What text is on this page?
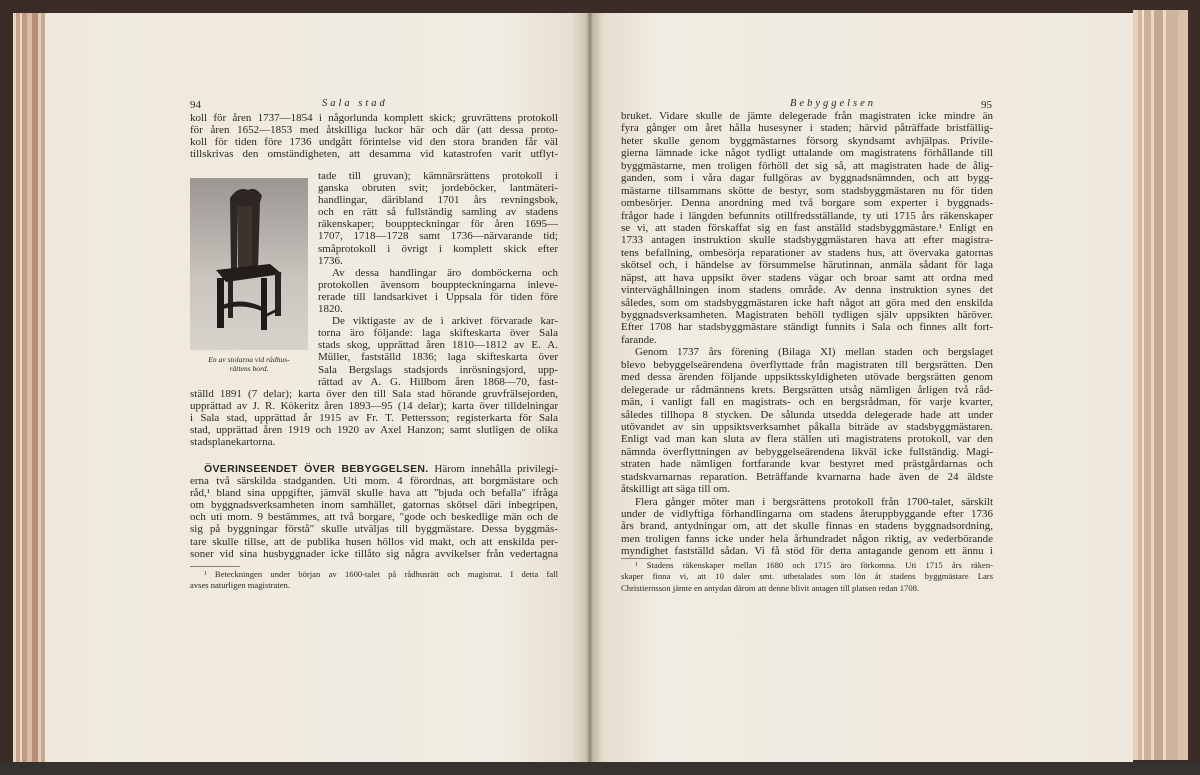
94	Sala stad
koll för åren 1737—1854 i någorlunda komplett skick; gruvrättens protokoll
för åren 1652—1853 med åtskilliga luckor här och där (att dessa proto-
koll för tiden före 1736 undgått förintelse vid den stora branden får väl
tillskrivas den omständigheten, att desamma vid katastrofen varit utflyt-
tade till gruvan); kämnärsrättens protokoll i
ganska obruten svit; jordeböcker, lantmäteri-
handlingar, däribland 1701 års revningsbok,
och en rätt så fullständig samling av stadens
räkenskaper; bouppteckningar för åren 1695—
1707, 1718—1728 samt 1736—närvarande tid;
småprotokoll i övrigt i komplett skick efter
1736.
Av dessa handlingar äro domböckerna och
protokollen ävensom bouppteckningarna inleve-
rerade till landsarkivet i Uppsala för tiden före
1820.
De viktigaste av de i arkivet förvarade kar-
torna äro följande: laga skifteskarta över Sala
stads skog, upprättad åren 1810—1812 av E. A.
Müller, fastställd 1836; laga skifteskarta över
Sala Bergslags stadsjords inrösningsjord, upp-
rättad av A. G. Hillbom åren 1868—70, fast-
ställd 1891 (7 delar); karta över den till Sala stad hörande gruvfrälsejorden,
upprättad av J. R. Kökeritz åren 1893—95 (14 delar); karta över tilldelningar
i Sala stad, upprättad år 1915 av Fr. T. Pettersson; registerkarta för Sala
stad, upprättad åren 1919 och 1920 av Axel Hanzon; samt slutligen de olika
stadsplanekartorna.
En av stolarna vid rådhus-
rättens bord.
ÖVERINSEENDET ÖVER BEBYGGELSEN. Härom innehålla privilegi-
erna två särskilda stadganden. Uti mom. 4 förordnas, att borgmästare och
råd,¹ bland sina uppgifter, jämväl skulle hava att "bjuda och befalla" ifråga
om byggnadsverksamheten inom samhället, gatornas skötsel däri inbegripen,
och uti mom. 9 bestämmes, att två borgare, "gode och beskedlige män och de
sig på byggningar förstå" skulle utväljas till byggmästare. Dessa byggmäs-
tare skulle tillse, att de publika husen höllos vid makt, och att enskilda per-
soner vid sina husbyggnader icke tillåto sig några avvikelser från vedertagna
¹ Beteckningen under början av 1600-talet på rådhusrätt och magistrat. I detta fall
avses naturligen magistraten.
Bebyggelsen	95
bruket. Vidare skulle de jämte delegerade från magistraten icke mindre än
fyra gånger om året hålla husesyner i staden; härvid påträffade bristfällig-
heter skulle genom byggmästarnes försorg skyndsamt avhjälpas. Privile-
gierna lämnade icke något tydligt uttalande om magistratens förhållande till
byggmästarne, men troligen förhöll det sig så, att magistraten hade de ålig-
ganden, som i våra dagar fullgöras av byggnadsnämnden, och att bygg-
mästarne tillsammans skötte de bestyr, som stadsbyggmästaren nu för tiden
ombesörjer. Denna anordning med två borgare som experter i byggnads-
frågor hade i längden befunnits otillfredsställande, ty uti 1715 års räkenskaper
se vi, att staden förskaffat sig en fast anställd stadsbyggmästare.¹ Enligt en
1733 antagen instruktion skulle stadsbyggmästaren hava att efter magistra-
tens befallning, ombesörja reparationer av stadens hus, att övervaka gatornas
skötsel och, i händelse av försummelse härutinnan, anmäla sådant för laga
näpst, att hava uppsikt över stadens vägar och broar samt att ordna med
vinterväghållningen inom stadens område. Av denna instruktion synes det
således, som om stadsbyggmästaren icke haft något att göra med den enskilda
byggnadsverksamheten. Magistraten behöll tydligen själv uppsikten häröver.
Efter 1708 har stadsbyggmästare ständigt funnits i Sala och finnes allt fort-
farande.
Genom 1737 års förening (Bilaga XI) mellan staden och bergslaget
blevo bebyggelseärendena överflyttade från magistraten till bergsrätten. Den
med dessa ärenden följande uppsiktsskyldigheten utövade bergsrätten genom
delegerade ur rådmännens krets. Bergsrätten utsåg nämligen årligen två råd-
män, i vanligt fall en magistrats- och en bergsrådman, för varje kvarter,
således tillhopa 8 stycken. De sålunda utsedda delegerade hade att under
utövandet av sin uppsiktsverksamhet påkalla biträde av stadsbyggmästaren.
Enligt vad man kan sluta av flera ställen uti magistratens protokoll, var den
nämnda överflyttningen av bebyggelseärendena likväl icke fullständig. Magi-
straten hade nämligen fortfarande kvar bestyret med prästgårdarnas och
stadskvarnarnas reparation. Beträffande kvarnarna hade även de 24 äldste
åtskilligt att säga till om.
Flera gånger möter man i bergsrättens protokoll från 1700-talet, särskilt
under de vidlyftiga förhandlingarna om stadens återuppbyggande efter 1736
års brand, antydningar om, att det skulle finnas en stadens byggnadsordning,
men troligen fanns icke under hela århundradet någon riktig, av vederbörande
myndighet fastställd sådan. Vi få stöd för detta antagande genom ett ännu i
¹ Stadens räkenskaper mellan 1680 och 1715 äro förkomna. Uti 1715 års räken-
skaper finna vi, att 10 daler smt. utbetalades som lön åt stadens byggmästare Lars
Christiernsson jämte en antydan därom att denne blivit antagen till platsen redan 1708.
